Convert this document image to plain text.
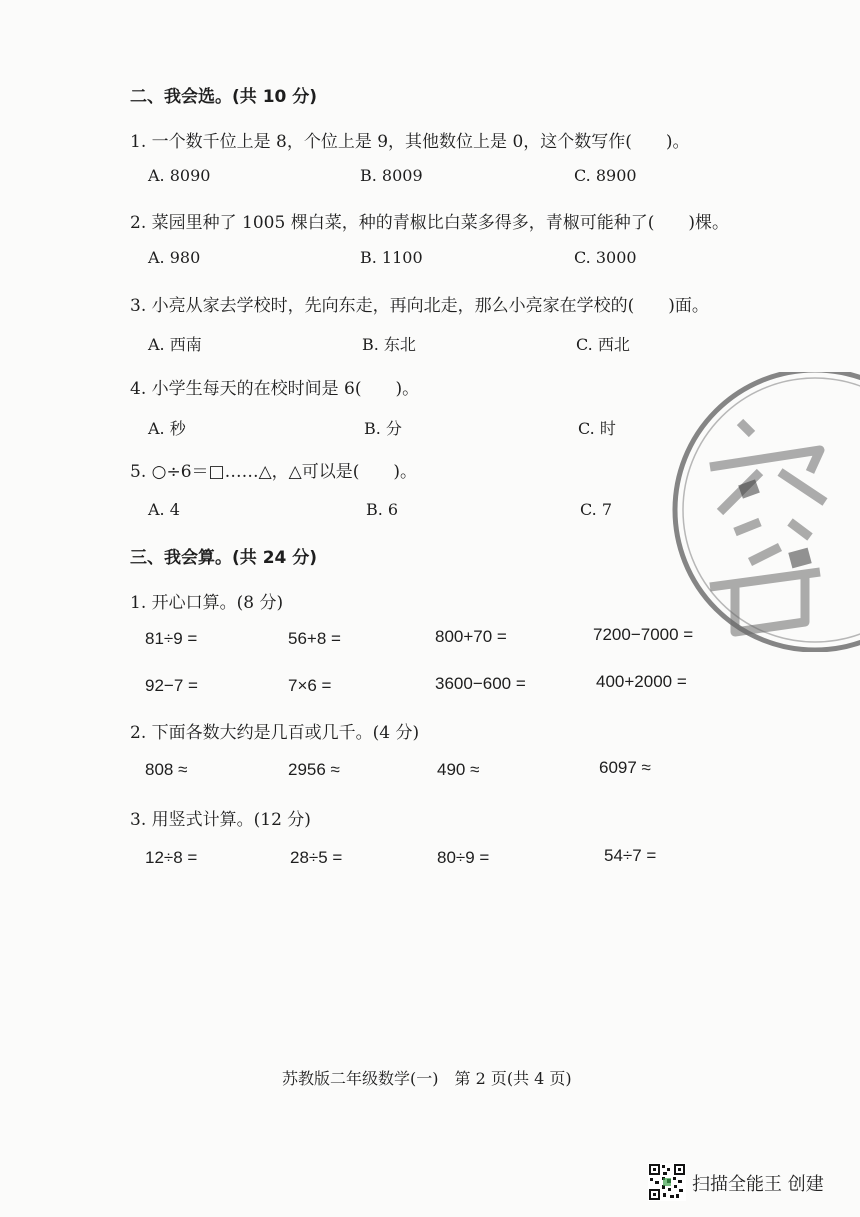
二、我会选。(共 10 分)
1. 一个数千位上是 8，个位上是 9，其他数位上是 0，这个数写作(　　)。
A. 8090	B. 8009	C. 8900
2. 菜园里种了 1005 棵白菜，种的青椒比白菜多得多，青椒可能种了(　　)棵。
A. 980	B. 1100	C. 3000
3. 小亮从家去学校时，先向东走，再向北走，那么小亮家在学校的(　　)面。
A. 西南	B. 东北	C. 西北
4. 小学生每天的在校时间是 6(　　)。
A. 秒	B. 分	C. 时
5. ○÷6＝□……△，△可以是(　　)。
A. 4	B. 6	C. 7
三、我会算。(共 24 分)
1. 开心口算。(8 分)
81÷9 =	56+8 =	800+70 =	7200−7000 =
92−7 =	7×6 =	3600−600 =	400+2000 =
2. 下面各数大约是几百或几千。(4 分)
808 ≈	2956 ≈	490 ≈	6097 ≈
3. 用竖式计算。(12 分)
12÷8 =	28÷5 =	80÷9 =	54÷7 =
苏教版二年级数学(一)　第 2 页(共 4 页)
扫描全能王 创建
